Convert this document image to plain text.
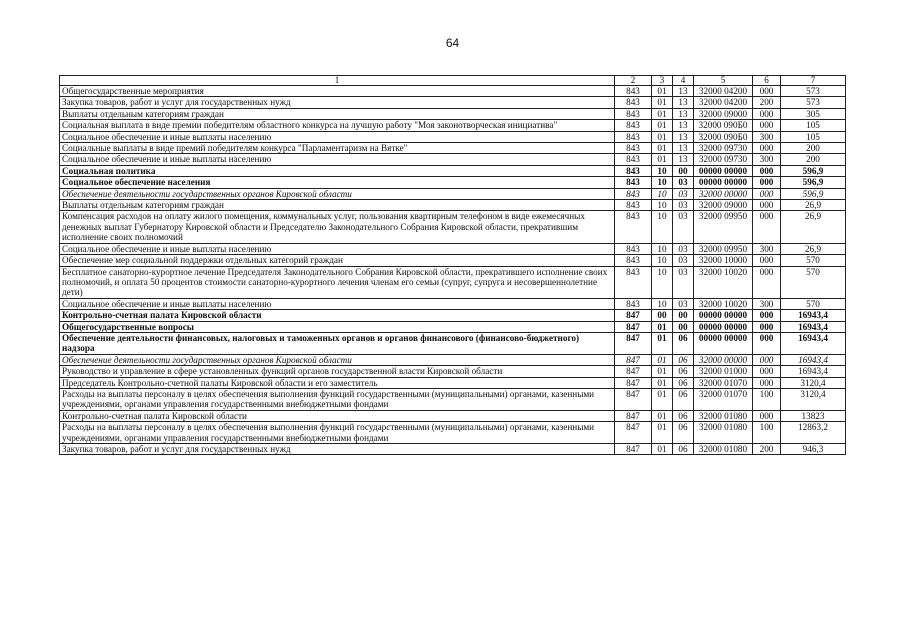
64
1	2	3	4	5	6	7
Общегосударственные мероприятия	843	01	13	32000 04200	000	573
Закупка товаров, работ и услуг для государственных нужд	843	01	13	32000 04200	200	573
Выплаты отдельным категориям граждан	843	01	13	32000 09000	000	305
Социальная выплата в виде премии победителям областного конкурса на лучшую работу "Моя законотворческая инициатива"	843	01	13	32000 090Б0	000	105
Социальное обеспечение и иные выплаты населению	843	01	13	32000 090Б0	300	105
Социальные выплаты в виде премий победителям конкурса "Парламентаризм на Вятке"	843	01	13	32000 09730	000	200
Социальное обеспечение и иные выплаты населению	843	01	13	32000 09730	300	200
Социальная политика	843	10	00	00000 00000	000	596,9
Социальное обеспечение населения	843	10	03	00000 00000	000	596,9
Обеспечение деятельности государственных органов Кировской области	843	10	03	32000 00000	000	596,9
Выплаты отдельным категориям граждан	843	10	03	32000 09000	000	26,9
Компенсация расходов на оплату жилого помещения, коммунальных услуг, пользования квартирным телефоном в виде ежемесячных денежных выплат Губернатору Кировской области и Председателю Законодательного Собрания Кировской области, прекратившим исполнение своих полномочий	843	10	03	32000 09950	000	26,9
Социальное обеспечение и иные выплаты населению	843	10	03	32000 09950	300	26,9
Обеспечение мер социальной поддержки отдельных категорий граждан	843	10	03	32000 10000	000	570
Бесплатное санаторно-курортное лечение Председателя Законодательного Собрания Кировской области, прекратившего исполнение своих полномочий, и оплата 50 процентов стоимости санаторно-курортного лечения членам его семьи (супруг, супруга и несовершеннолетние дети)	843	10	03	32000 10020	000	570
Социальное обеспечение и иные выплаты населению	843	10	03	32000 10020	300	570
Контрольно-счетная палата Кировской области	847	00	00	00000 00000	000	16943,4
Общегосударственные вопросы	847	01	00	00000 00000	000	16943,4
Обеспечение деятельности финансовых, налоговых и таможенных органов и органов финансового (финансово-бюджетного) надзора	847	01	06	00000 00000	000	16943,4
Обеспечение деятельности государственных органов Кировской области	847	01	06	32000 00000	000	16943,4
Руководство и управление в сфере установленных функций органов государственной власти Кировской области	847	01	06	32000 01000	000	16943,4
Председатель Контрольно-счетной палаты Кировской области и его заместитель	847	01	06	32000 01070	000	3120,4
Расходы на выплаты персоналу в целях обеспечения выполнения функций государственными (муниципальными) органами, казенными учреждениями, органами управления государственными внебюджетными фондами	847	01	06	32000 01070	100	3120,4
Контрольно-счетная палата Кировской области	847	01	06	32000 01080	000	13823
Расходы на выплаты персоналу в целях обеспечения выполнения функций государственными (муниципальными) органами, казенными учреждениями, органами управления государственными внебюджетными фондами	847	01	06	32000 01080	100	12863,2
Закупка товаров, работ и услуг для государственных нужд	847	01	06	32000 01080	200	946,3
